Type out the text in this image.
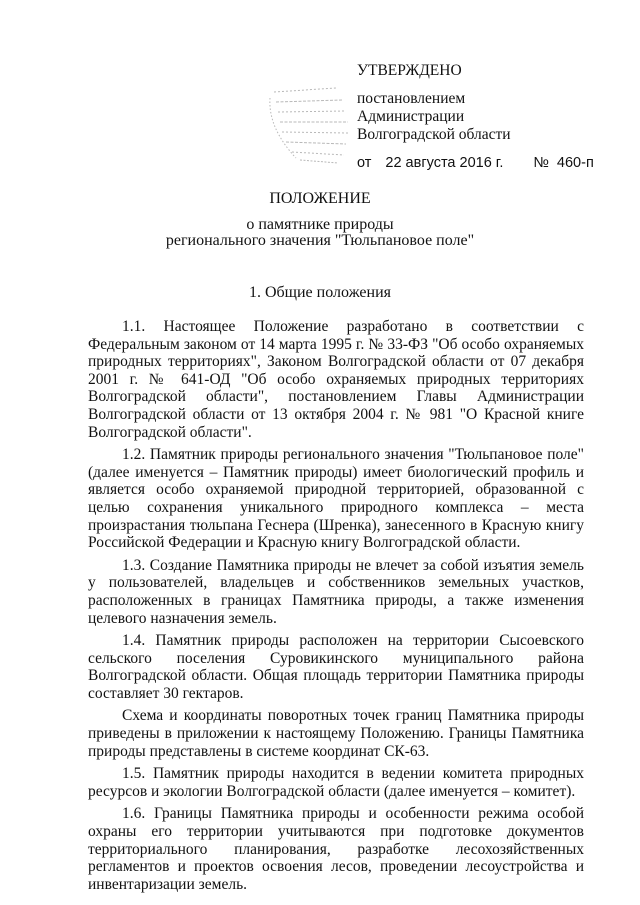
УТВЕРЖДЕНО
постановлением
Администрации
Волгоградской области
от 22 августа 2016 г. № 460-п
ПОЛОЖЕНИЕ
о памятнике природы
регионального значения "Тюльпановое поле"
1. Общие положения

1.1. Настоящее Положение разработано в соответствии с Федеральным законом от 14 марта 1995 г. № 33-ФЗ "Об особо охраняемых природных территориях", Законом Волгоградской области от 07 декабря 2001 г. № 641-ОД "Об особо охраняемых природных территориях Волгоградской области", постановлением Главы Администрации Волгоградской области от 13 октября 2004 г. № 981 "О Красной книге Волгоградской области".

1.2. Памятник природы регионального значения "Тюльпановое поле" (далее именуется – Памятник природы) имеет биологический профиль и является особо охраняемой природной территорией, образованной с целью сохранения уникального природного комплекса – места произрастания тюльпана Геснера (Шренка), занесенного в Красную книгу Российской Федерации и Красную книгу Волгоградской области.

1.3. Создание Памятника природы не влечет за собой изъятия земель у пользователей, владельцев и собственников земельных участков, расположенных в границах Памятника природы, а также изменения целевого назначения земель.

1.4. Памятник природы расположен на территории Сысоевского сельского поселения Суровикинского муниципального района Волгоградской области. Общая площадь территории Памятника природы составляет 30 гектаров.

Схема и координаты поворотных точек границ Памятника природы приведены в приложении к настоящему Положению. Границы Памятника природы представлены в системе координат СК-63.

1.5. Памятник природы находится в ведении комитета природных ресурсов и экологии Волгоградской области (далее именуется – комитет).

1.6. Границы Памятника природы и особенности режима особой охраны его территории учитываются при подготовке документов территориального планирования, разработке лесохозяйственных регламентов и проектов освоения лесов, проведении лесоустройства и инвентаризации земель.
